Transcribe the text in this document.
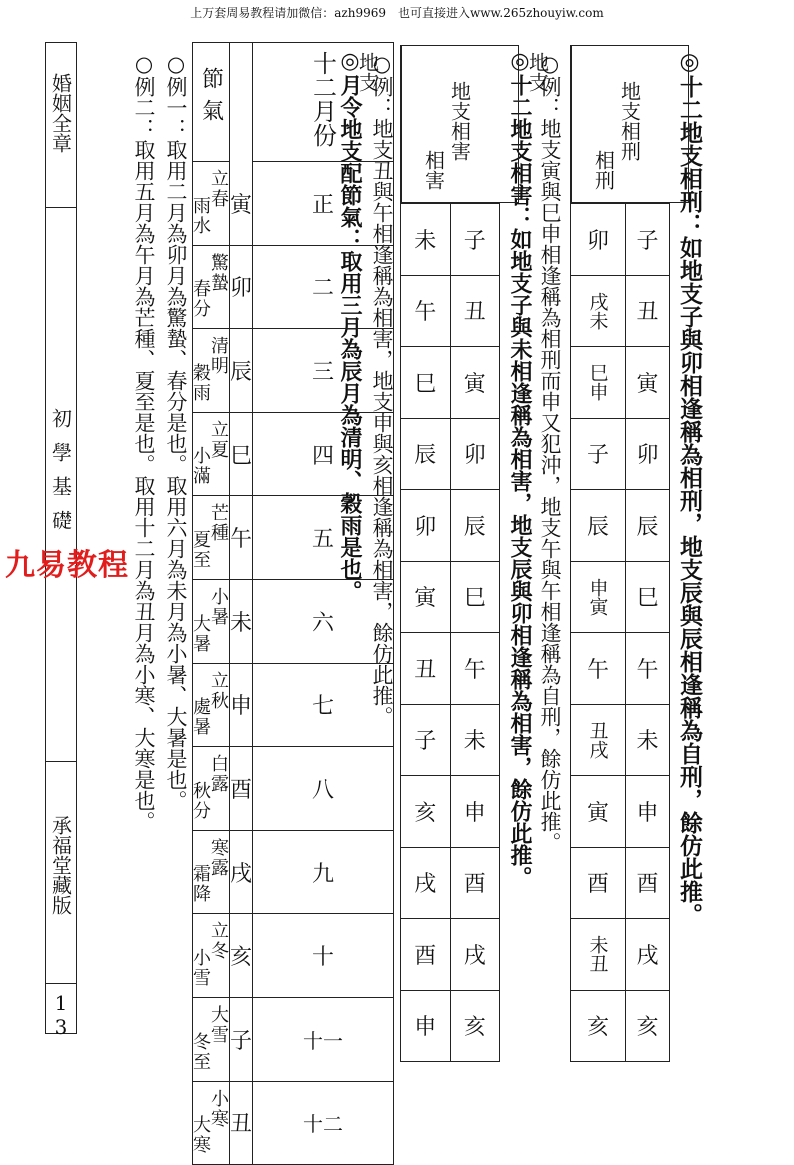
上万套周易教程请加微信：azh9969　也可直接进入www.265zhouyiw.com
婚姻全章
初學基礎
承福堂藏版
13
◎十二地支相刑：如地支子與卯相逢稱為相刑，地支辰與辰相逢稱為自刑，餘仿此推。
地支
相刑

地支相刑
卯	子
戌未	丑
巳申	寅
子	卯
辰	辰
申寅	巳
午	午
丑戌	未
寅	申
酉	酉
未丑	戌
亥	亥
○例：地支寅與巳申相逢稱為相刑而申又犯沖，地支午與午相逢稱為自刑，餘仿此推。
◎十二地支相害：如地支子與未相逢稱為相害，地支辰與卯相逢稱為相害，餘仿此推。
地支
相害

地支相害
未	子
午	丑
巳	寅
辰	卯
卯	辰
寅	巳
丑	午
子	未
亥	申
戌	酉
酉	戌
申	亥
○例：地支丑與午相逢稱為相害，地支申與亥相逢稱為相害，餘仿此推。
◎月令地支配節氣：取用三月為辰月為清明、穀雨是也。
節氣			十二月份
雨水	立春	寅	正
春分	驚蟄	卯	二
穀雨	清明	辰	三
小滿	立夏	巳	四
夏至	芒種	午	五
大暑	小暑	未	六
處暑	立秋	申	七
秋分	白露	酉	八
霜降	寒露	戌	九
小雪	立冬	亥	十
冬至	大雪	子	十一
大寒	小寒	丑	十二
○例一：取用二月為卯月為驚蟄、春分是也。取用六月為未月為小暑、大暑是也。
○例二：取用五月為午月為芒種、夏至是也。取用十二月為丑月為小寒、大寒是也。
九易教程
